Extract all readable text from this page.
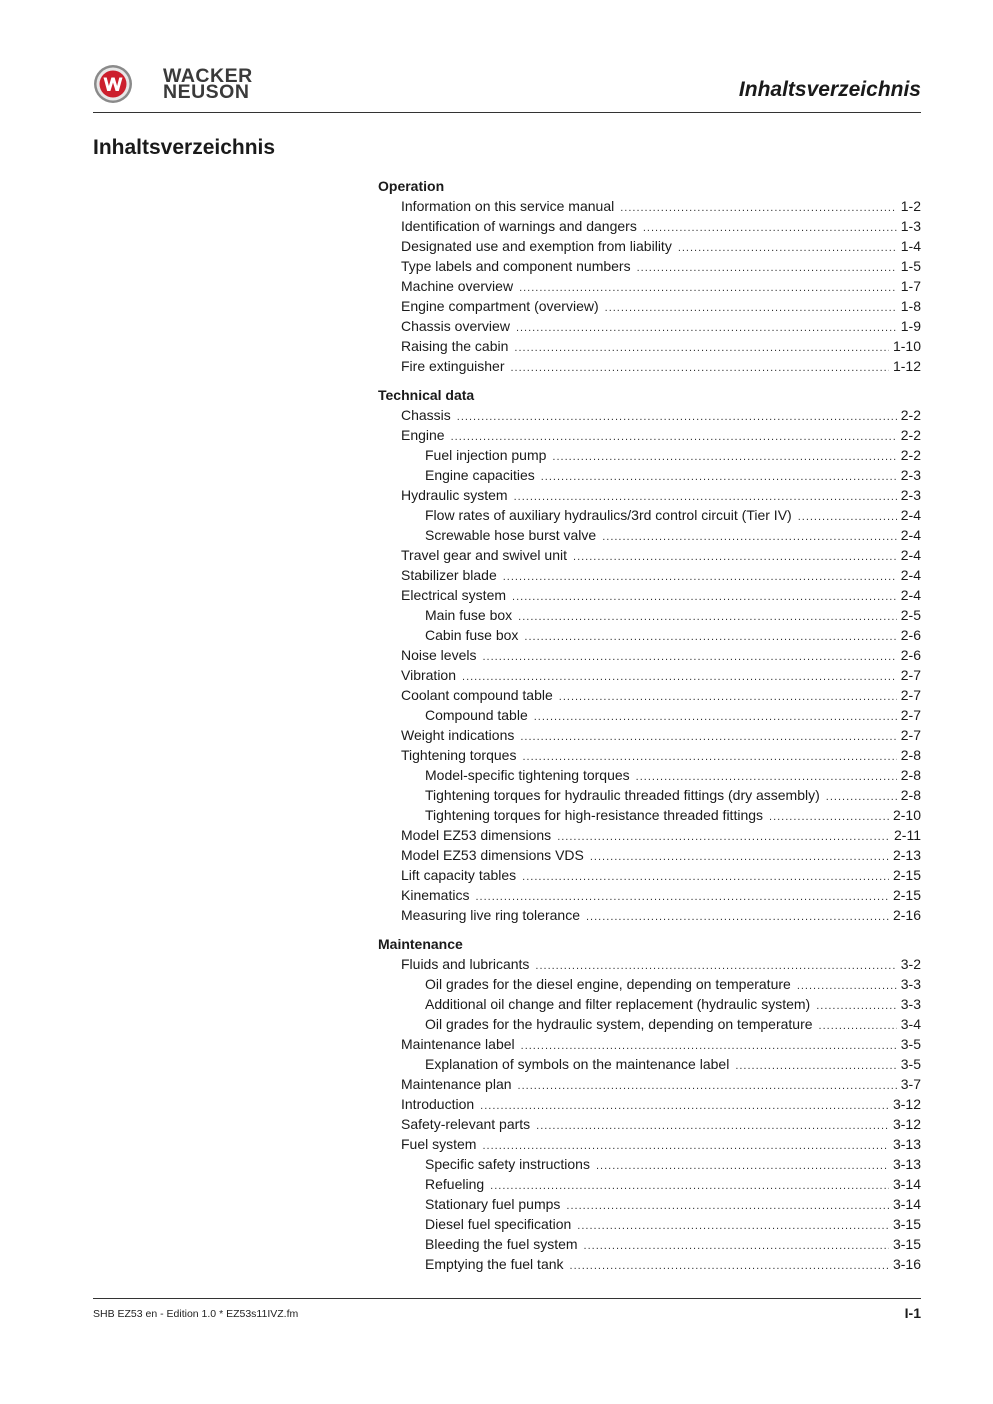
WACKER
NEUSON	Inhaltsverzeichnis
Inhaltsverzeichnis
Operation
Information on this service manual .....	1-2
Identification of warnings and dangers .....	1-3
Designated use and exemption from liability .....	1-4
Type labels and component numbers .....	1-5
Machine overview .....	1-7
Engine compartment (overview) .....	1-8
Chassis overview .....	1-9
Raising the cabin .....	1-10
Fire extinguisher .....	1-12
Technical data
Chassis .....	2-2
Engine .....	2-2
Fuel injection pump .....	2-2
Engine capacities .....	2-3
Hydraulic system .....	2-3
Flow rates of auxiliary hydraulics/3rd control circuit (Tier IV) .....	2-4
Screwable hose burst valve .....	2-4
Travel gear and swivel unit .....	2-4
Stabilizer blade .....	2-4
Electrical system .....	2-4
Main fuse box .....	2-5
Cabin fuse box .....	2-6
Noise levels .....	2-6
Vibration .....	2-7
Coolant compound table .....	2-7
Compound table .....	2-7
Weight indications .....	2-7
Tightening torques .....	2-8
Model-specific tightening torques .....	2-8
Tightening torques for hydraulic threaded fittings (dry assembly) .....	2-8
Tightening torques for high-resistance threaded fittings .....	2-10
Model EZ53 dimensions .....	2-11
Model EZ53 dimensions VDS .....	2-13
Lift capacity tables .....	2-15
Kinematics .....	2-15
Measuring live ring tolerance .....	2-16
Maintenance
Fluids and lubricants .....	3-2
Oil grades for the diesel engine, depending on temperature .....	3-3
Additional oil change and filter replacement (hydraulic system) .....	3-3
Oil grades for the hydraulic system, depending on temperature .....	3-4
Maintenance label .....	3-5
Explanation of symbols on the maintenance label .....	3-5
Maintenance plan .....	3-7
Introduction .....	3-12
Safety-relevant parts .....	3-12
Fuel system .....	3-13
Specific safety instructions .....	3-13
Refueling .....	3-14
Stationary fuel pumps .....	3-14
Diesel fuel specification .....	3-15
Bleeding the fuel system .....	3-15
Emptying the fuel tank .....	3-16
SHB EZ53 en - Edition 1.0 * EZ53s11IVZ.fm	I-1
